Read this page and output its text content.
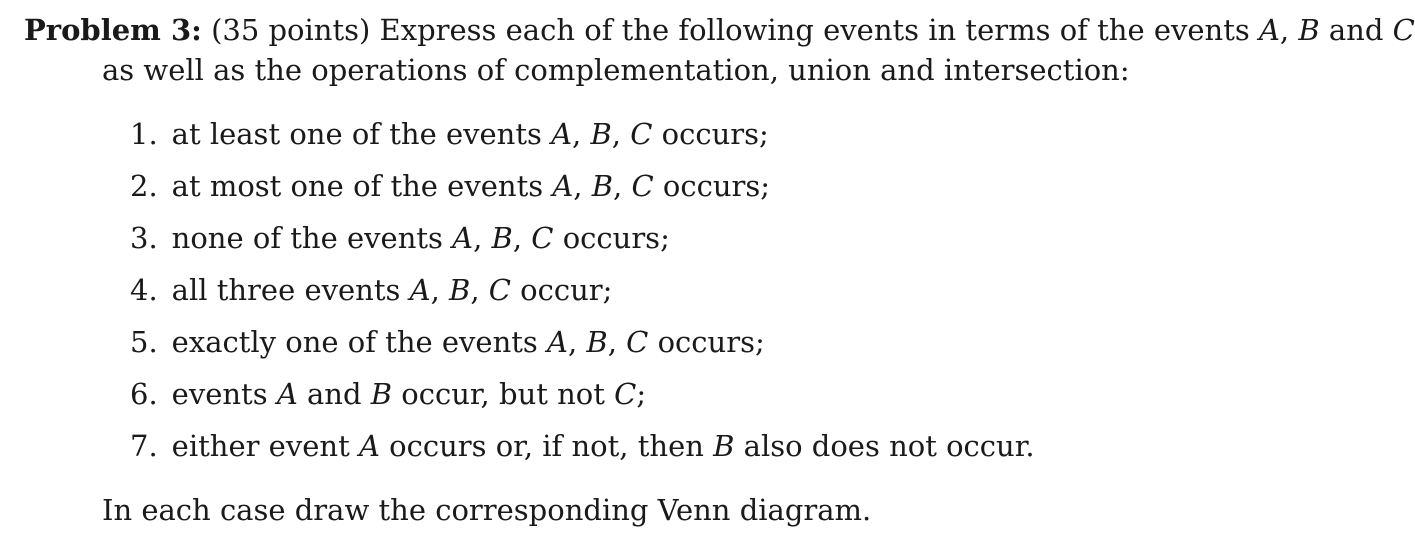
Problem 3: (35 points) Express each of the following events in terms of the events A, B and C
as well as the operations of complementation, union and intersection:
1. at least one of the events A, B, C occurs;
2. at most one of the events A, B, C occurs;
3. none of the events A, B, C occurs;
4. all three events A, B, C occur;
5. exactly one of the events A, B, C occurs;
6. events A and B occur, but not C;
7. either event A occurs or, if not, then B also does not occur.
In each case draw the corresponding Venn diagram.
